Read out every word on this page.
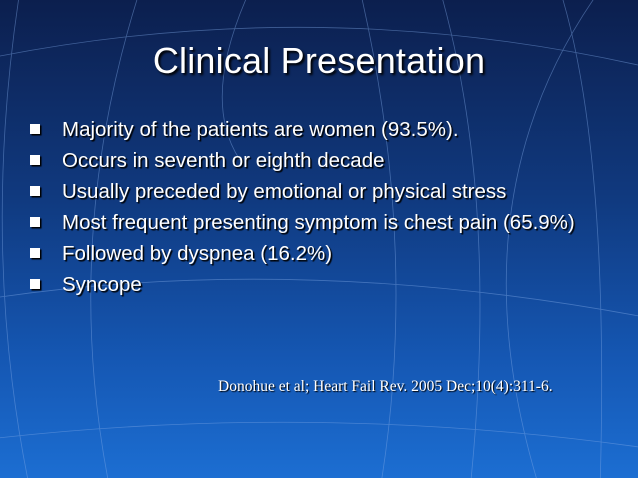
Clinical Presentation
Majority of the patients are women (93.5%).
Occurs in seventh or eighth decade
Usually preceded by emotional or physical stress
Most frequent presenting symptom is chest pain (65.9%)
Followed by dyspnea (16.2%)
Syncope
Donohue et al; Heart Fail Rev. 2005 Dec;10(4):311-6.
